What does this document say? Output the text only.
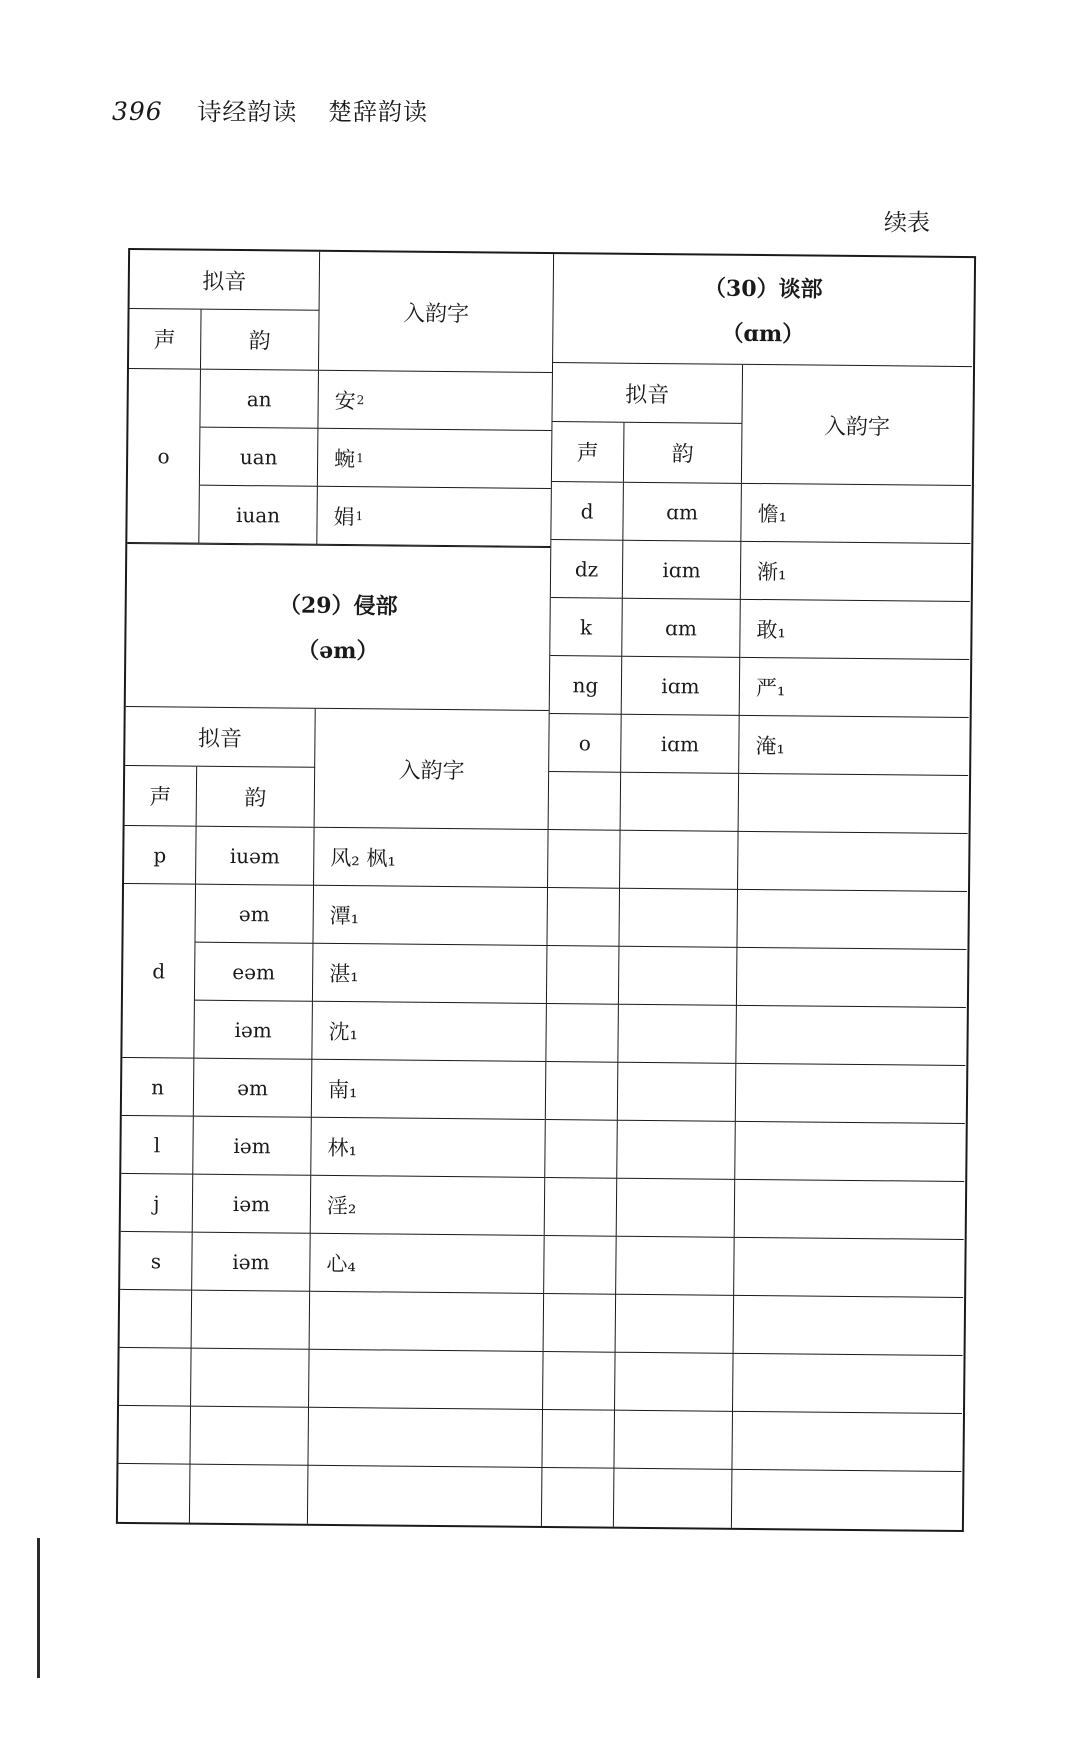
396 诗经韵读 楚辞韵读
续表
拟音
入韵字
声	韵
o
an	安 2
uan	蜿 1
iuan	娟 1
（29）侵部
（əm）
拟音
入韵字
声	韵
p	iuəm	风₂ 枫₁
d
əm	潭₁
eəm	湛₁
iəm	沈₁
n	əm	南₁
l	iəm	林₁
j	iəm	淫₂
s	iəm	心₄
（30）谈部
（ɑm）
拟音
入韵字
声	韵
d	ɑm	憺₁
dz	iɑm	渐₁
k	ɑm	敢₁
ng	iɑm	严₁
o	iɑm	淹₁
